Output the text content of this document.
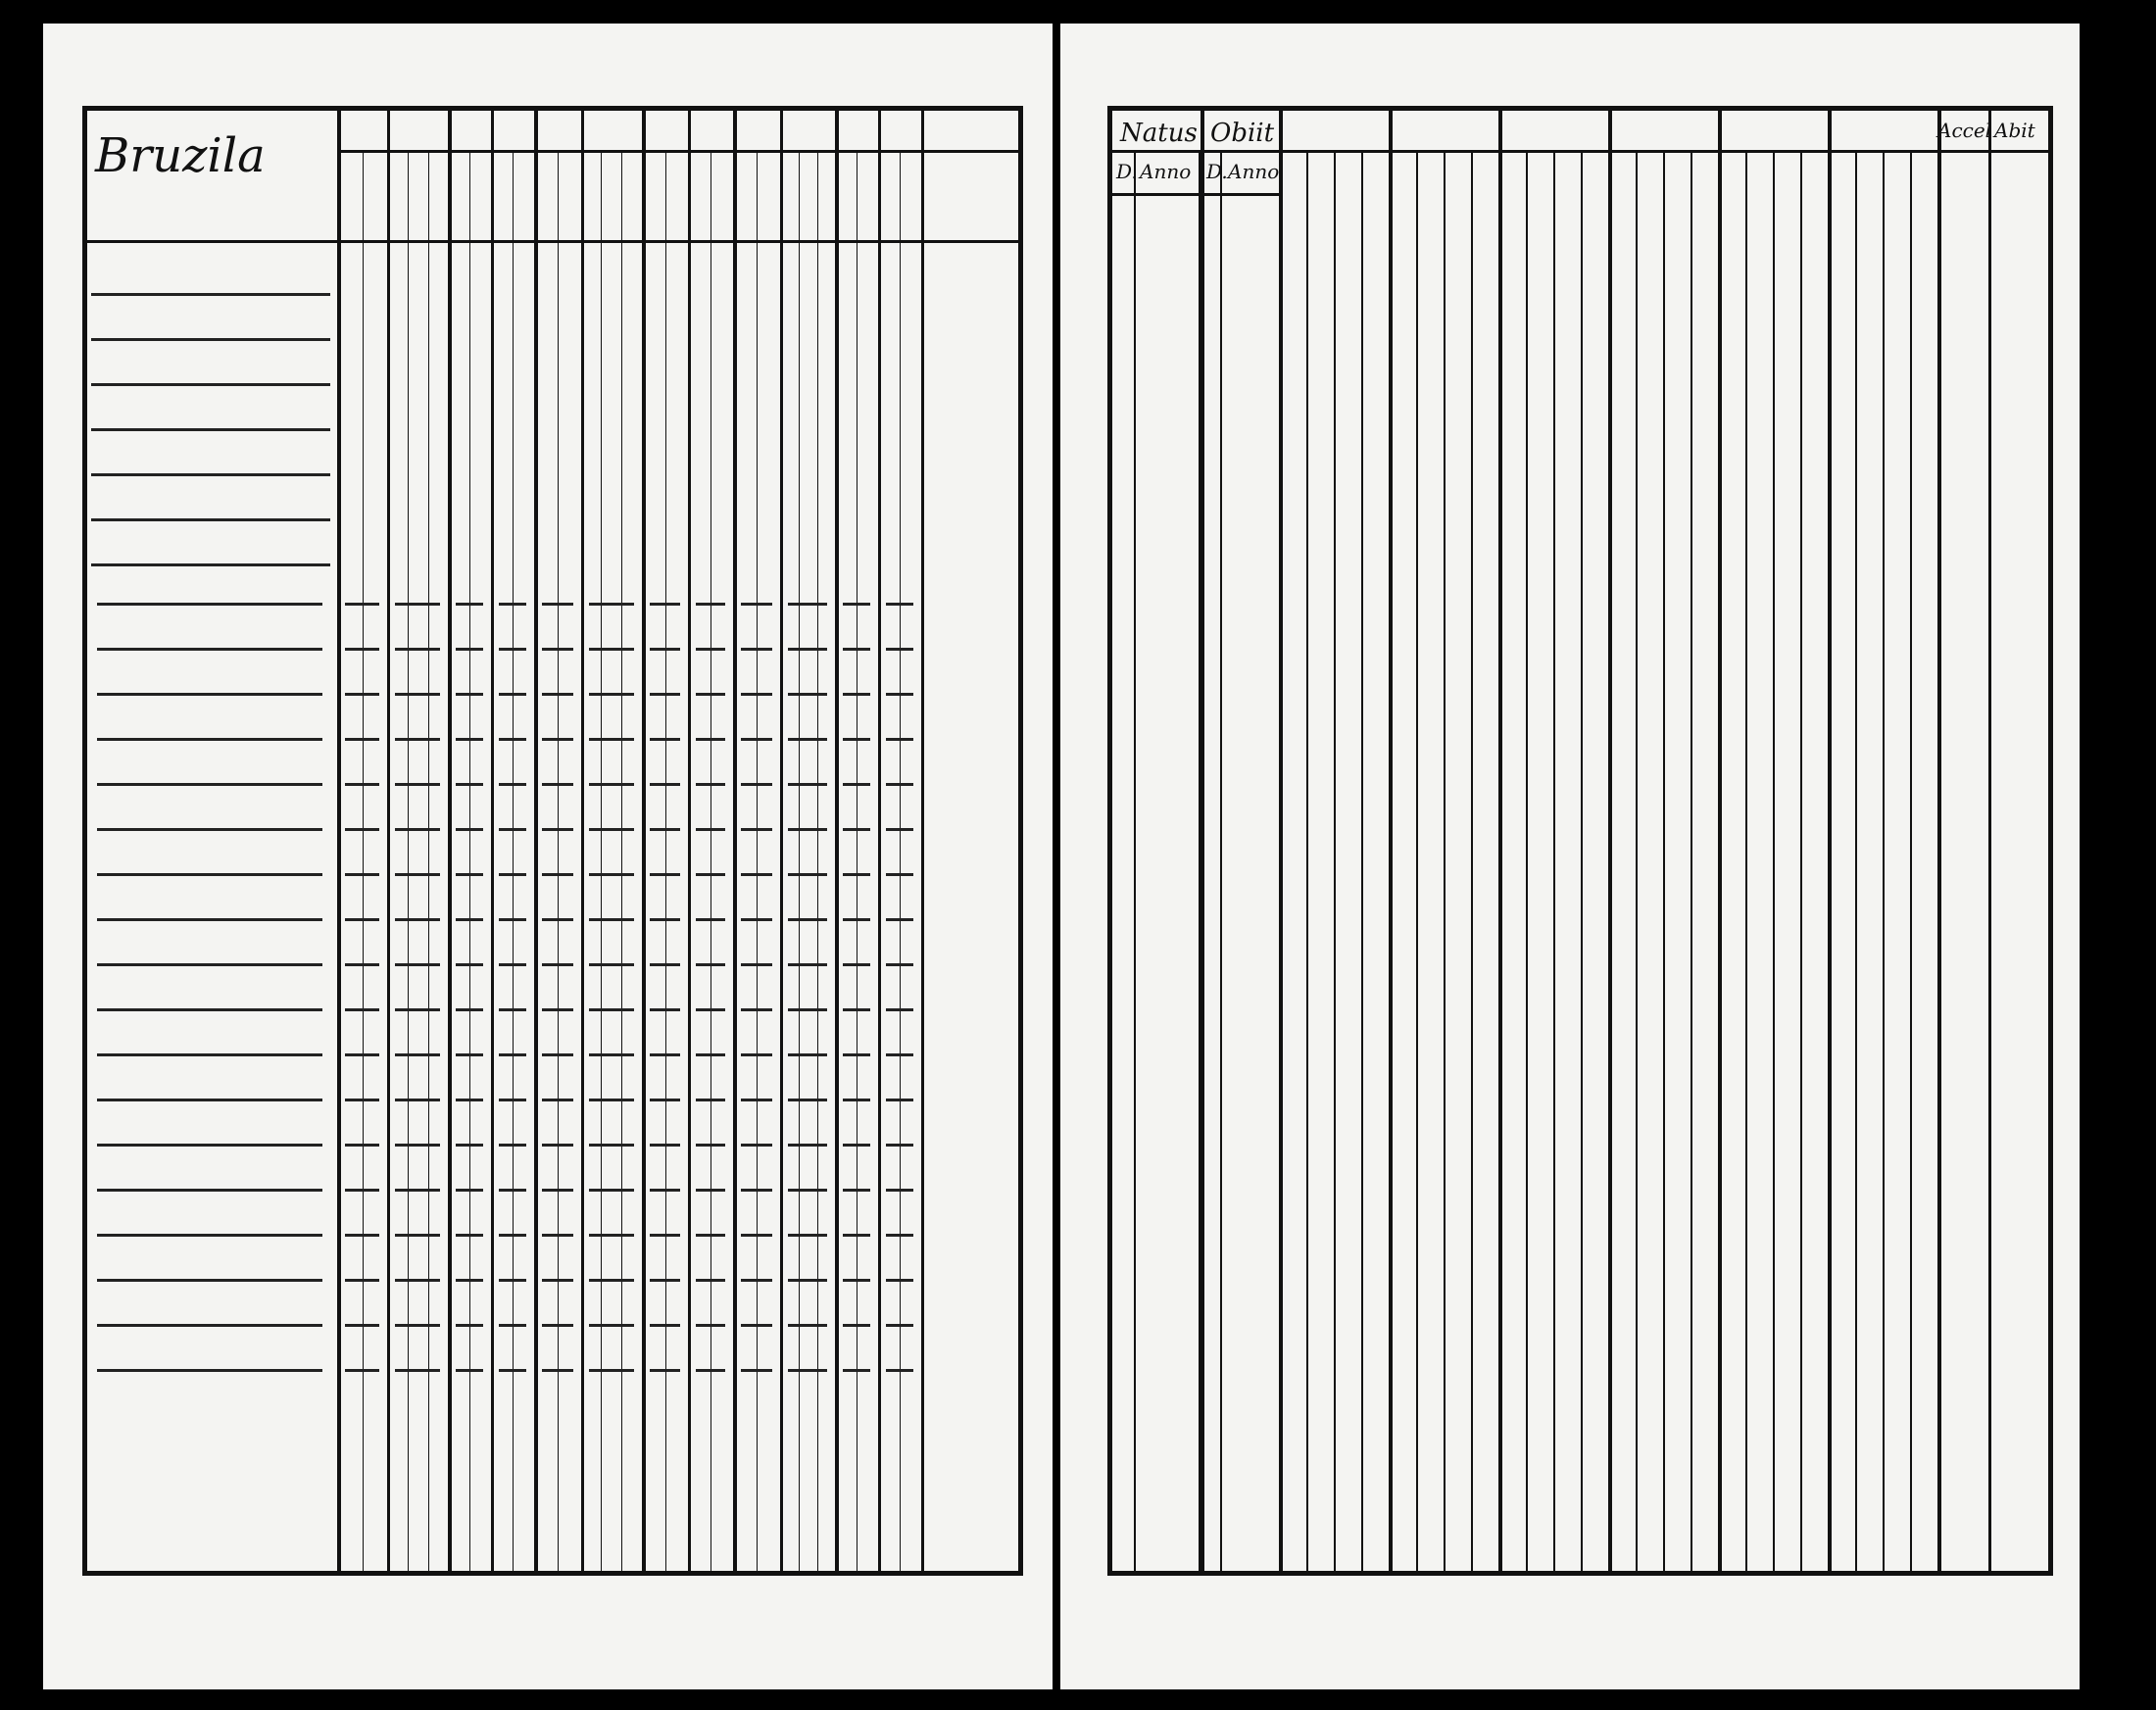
Bruzila	Natus Obiit
D. Anno D. Anno
Accel Abit
